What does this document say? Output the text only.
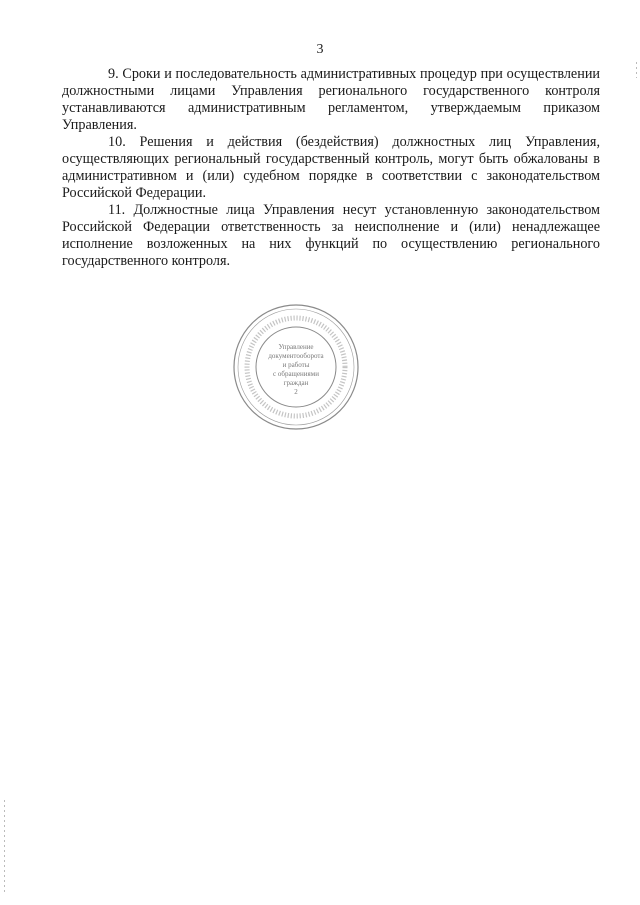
3

9. Сроки и последовательность административных процедур при осуществлении должностными лицами Управления регионального государственного контроля устанавливаются административным регламентом, утверждаемым приказом Управления.

10. Решения и действия (бездействия) должностных лиц Управления, осуществляющих региональный государственный контроль, могут быть обжалованы в административном и (или) судебном порядке в соответствии с законодательством Российской Федерации.

11. Должностные лица Управления несут установленную законодательством Российской Федерации ответственность за неисполнение и (или) ненадлежащее исполнение возложенных на них функций по осуществлению регионального государственного контроля.

Управление
документооборота
и работы
с обращениями
граждан
2
